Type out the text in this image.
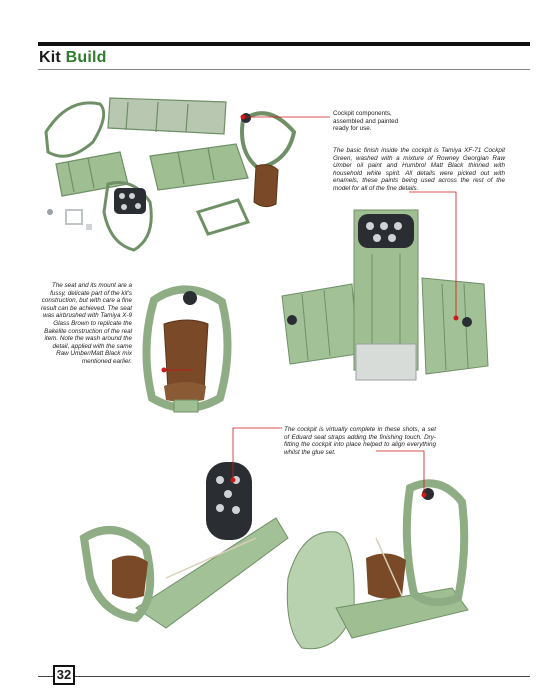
Kit Build
Cockpit components, assembled and painted ready for use.
The basic finish inside the cockpit is Tamiya XF-71 Cockpit Green, washed with a mixture of Rowney Georgian Raw Umber oil paint and Humbrol Matt Black thinned with household white spirit. All details were picked out with enamels, these paints being used across the rest of the model for all of the fine details.
The seat and its mount are a fussy, delicate part of the kit's construction, but with care a fine result can be achieved. The seat was airbrushed with Tamiya X-9 Glass Brown to replicate the Bakelite construction of the real item. Note the wash around the detail, applied with the same Raw Umber/Matt Black mix mentioned earlier.
The cockpit is virtually complete in these shots, a set of Eduard seat straps adding the finishing touch. Dry-fitting the cockpit into place helped to align everything whilst the glue set.
32
